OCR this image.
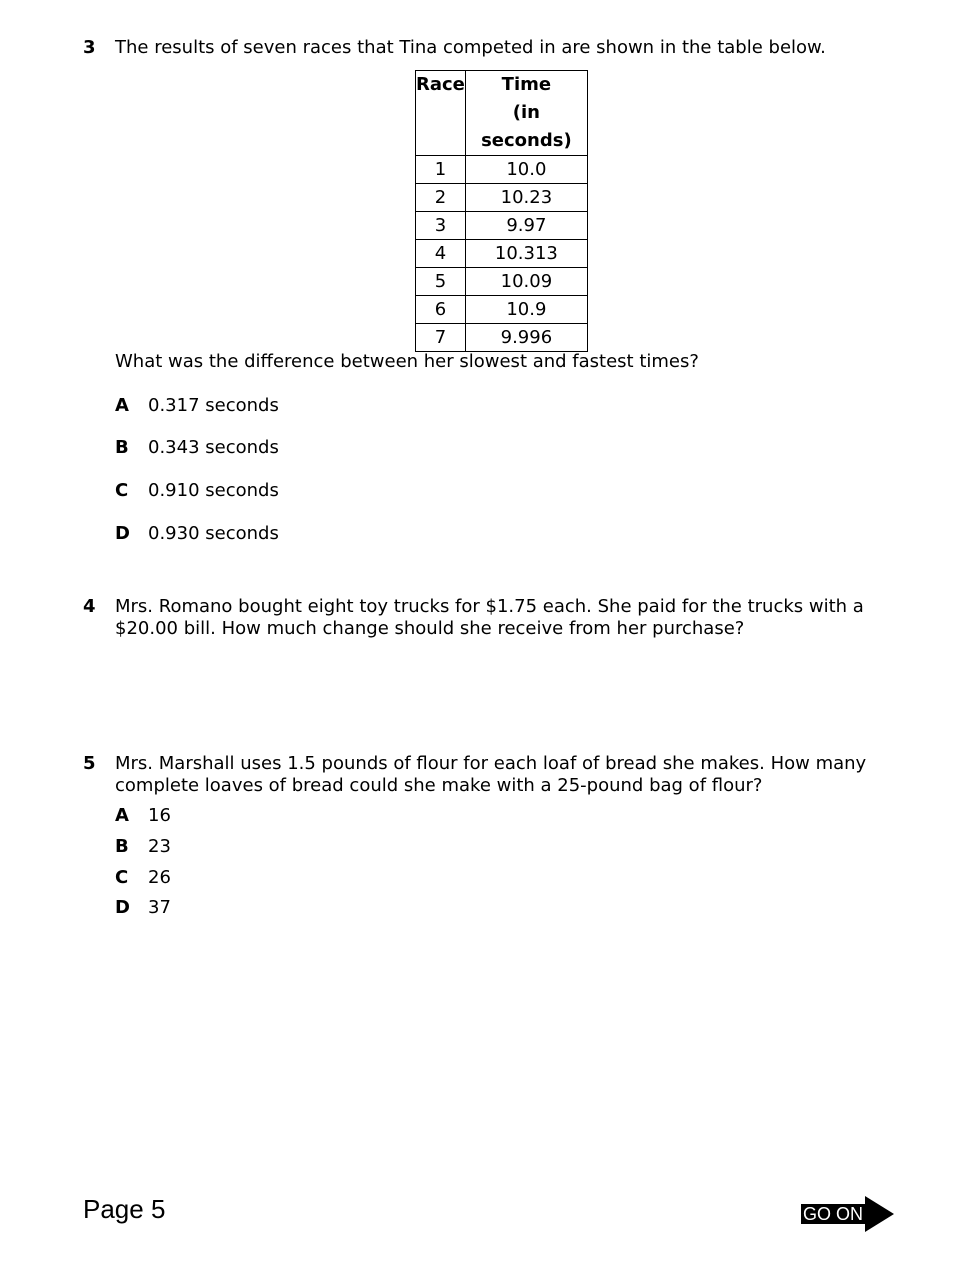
3 The results of seven races that Tina competed in are shown in the table below.
Race	Time
(in seconds)

1	10.0
2	10.23
3	9.97
4	10.313
5	10.09
6	10.9
7	9.996
What was the difference between her slowest and fastest times?
A 0.317 seconds
B 0.343 seconds
C 0.910 seconds
D 0.930 seconds
4 Mrs. Romano bought eight toy trucks for $1.75 each. She paid for the trucks with a $20.00 bill. How much change should she receive from her purchase?
5 Mrs. Marshall uses 1.5 pounds of flour for each loaf of bread she makes. How many complete loaves of bread could she make with a 25-pound bag of flour?
A 16
B 23
C 26
D 37
Page 5	GO ON
